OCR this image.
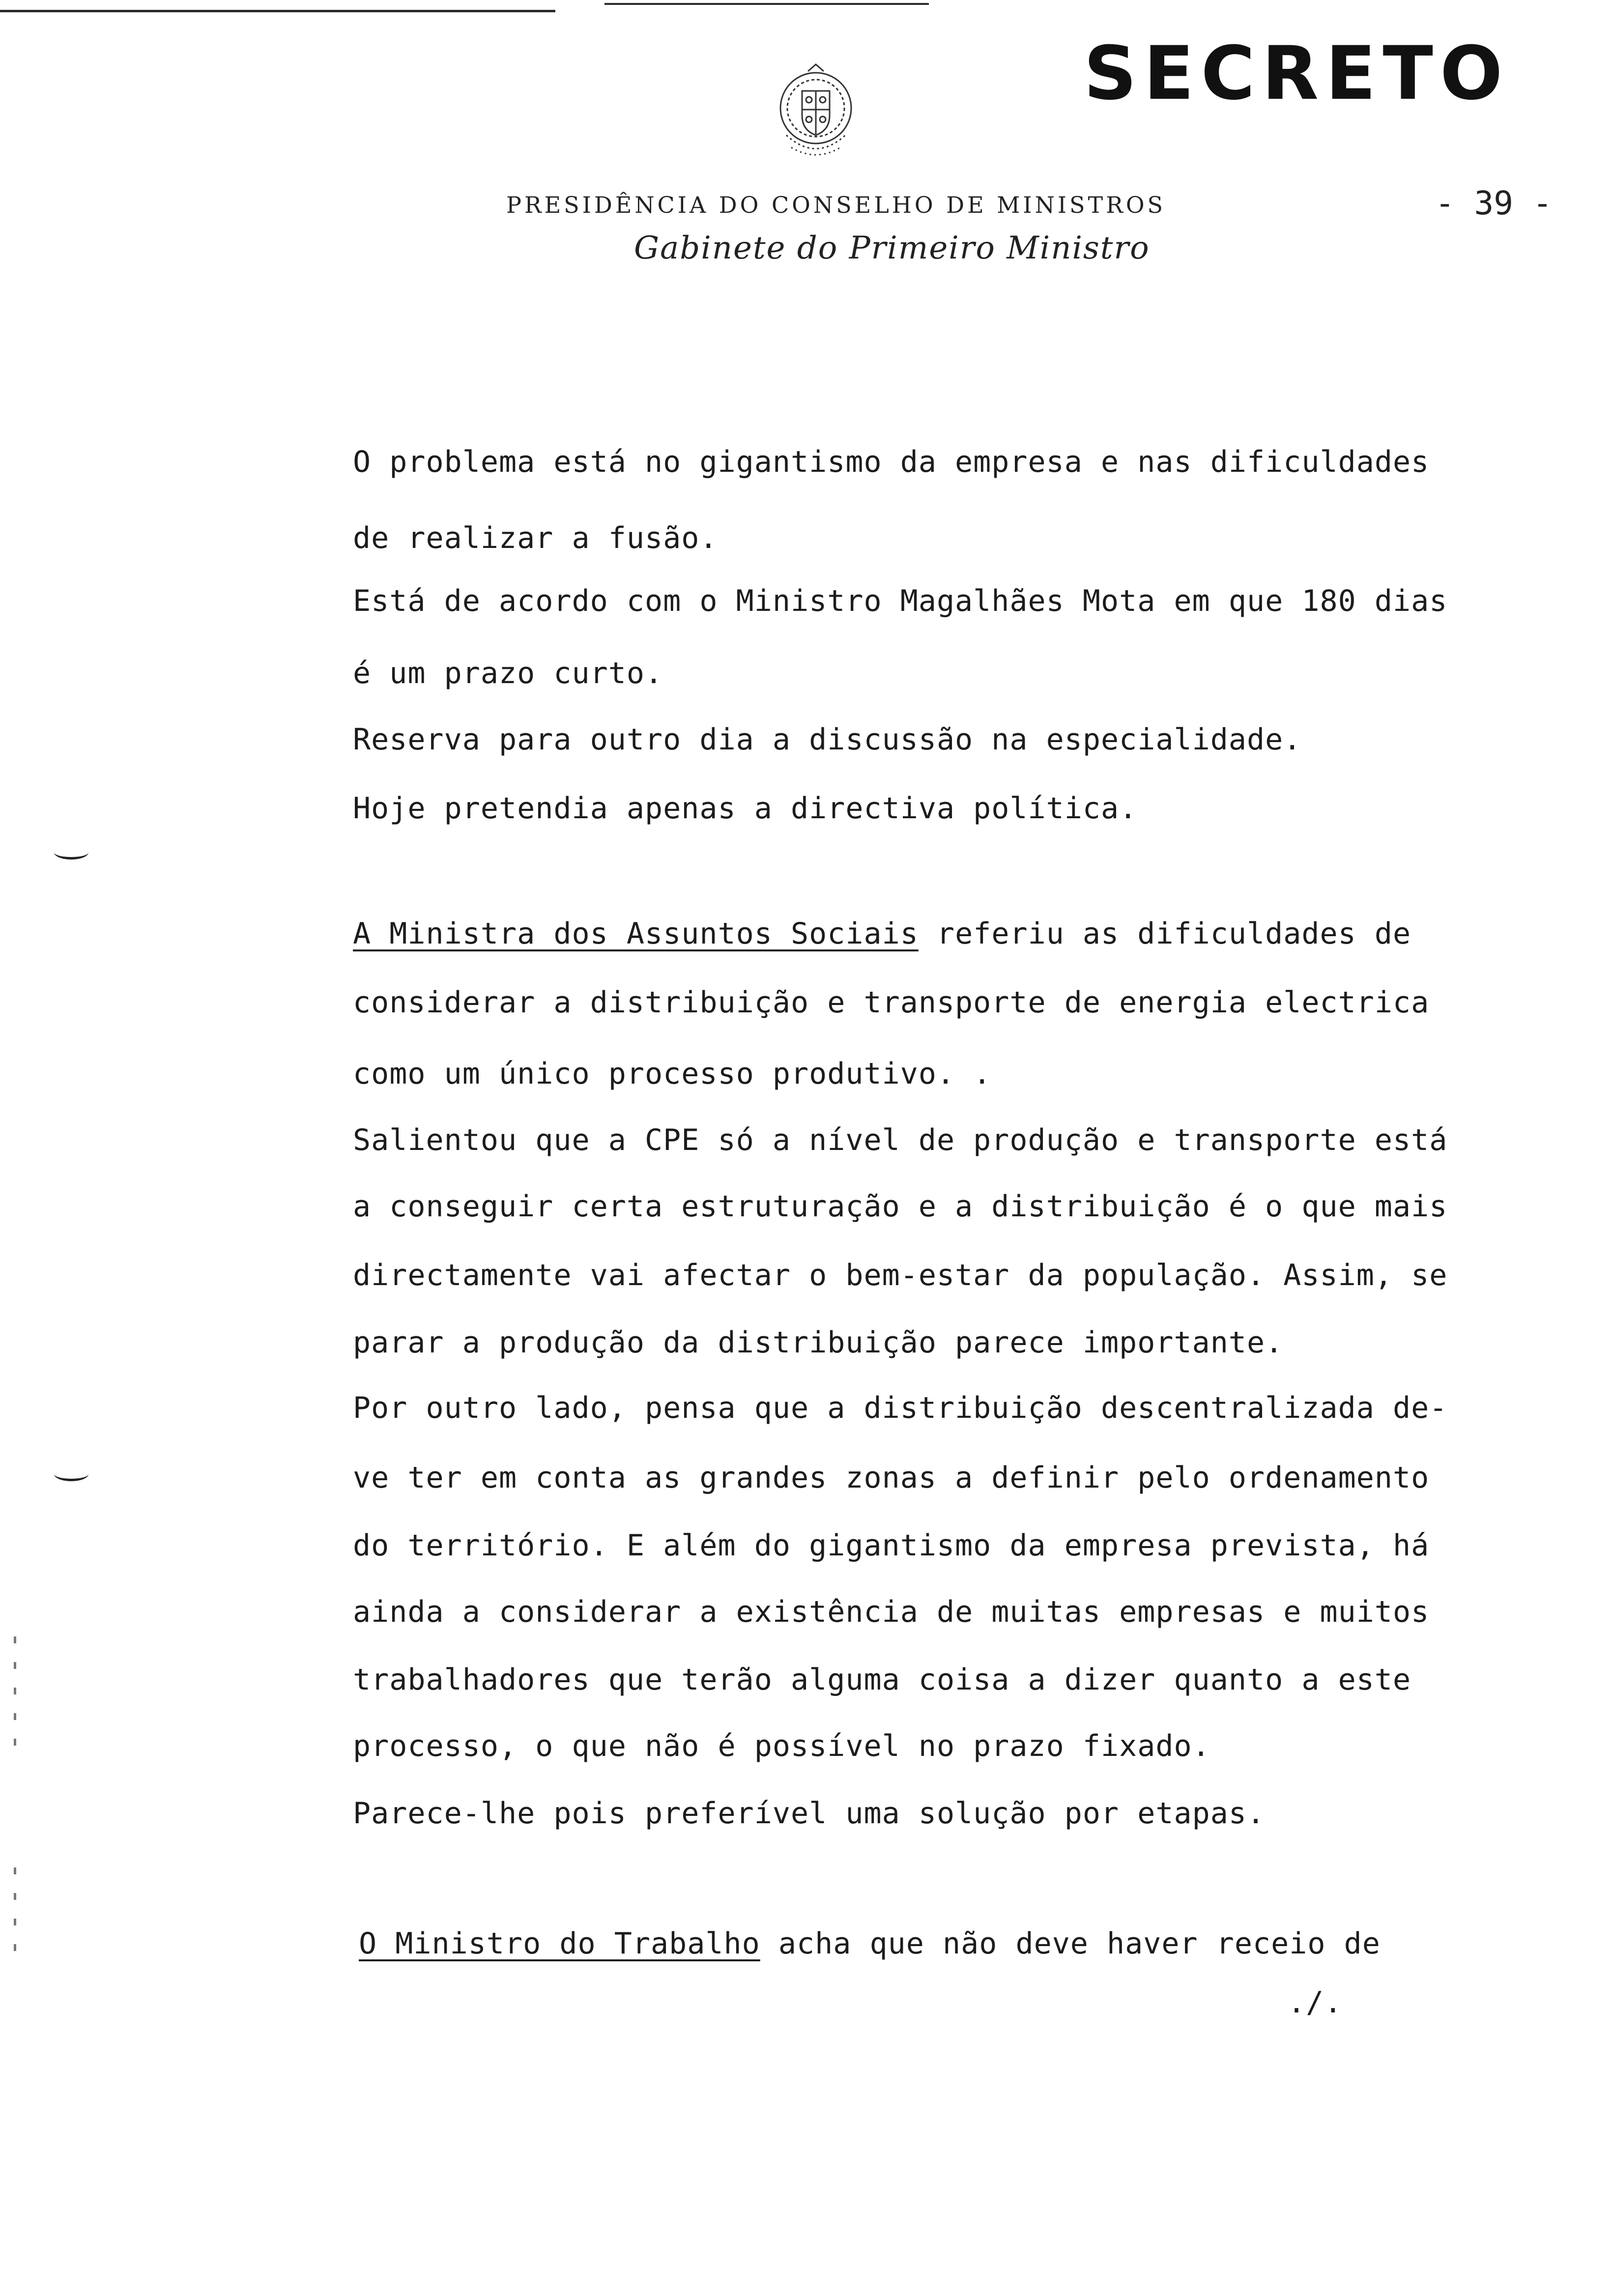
SECRETO
PRESIDÊNCIA DO CONSELHO DE MINISTROS
Gabinete do Primeiro Ministro
- 39 -
O problema está no gigantismo da empresa e nas dificuldades
de realizar a fusão.
Está de acordo com o Ministro Magalhães Mota em que 180 dias
é um prazo curto.
Reserva para outro dia a discussão na especialidade.
Hoje pretendia apenas a directiva política.
A Ministra dos Assuntos Sociais referiu as dificuldades de
considerar a distribuição e transporte de energia electrica
como um único processo produtivo. .
Salientou que a CPE só a nível de produção e transporte está
a conseguir certa estruturação e a distribuição é o que mais
directamente vai afectar o bem-estar da população. Assim, se
parar a produção da distribuição parece importante.
Por outro lado, pensa que a distribuição descentralizada de-
ve ter em conta as grandes zonas a definir pelo ordenamento
do território. E além do gigantismo da empresa prevista, há
ainda a considerar a existência de muitas empresas e muitos
trabalhadores que terão alguma coisa a dizer quanto a este
processo, o que não é possível no prazo fixado.
Parece-lhe pois preferível uma solução por etapas.
O Ministro do Trabalho acha que não deve haver receio de
./.
